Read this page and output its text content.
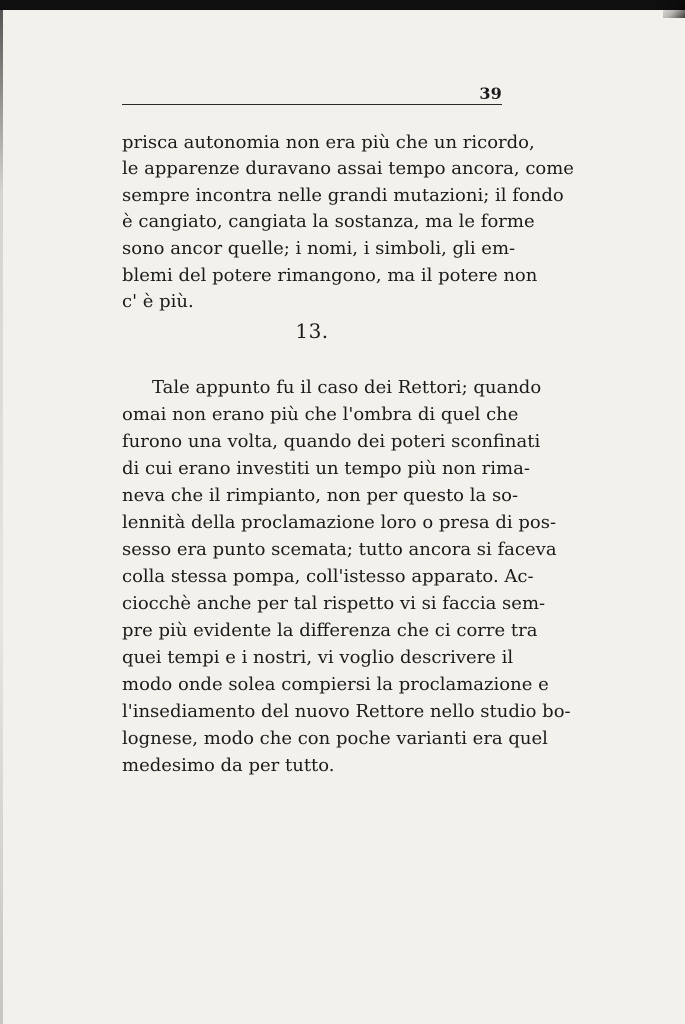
39
prisca autonomia non era più che un ricordo,
le apparenze duravano assai tempo ancora, come
sempre incontra nelle grandi mutazioni; il fondo
è cangiato, cangiata la sostanza, ma le forme
sono ancor quelle; i nomi, i simboli, gli em-
blemi del potere rimangono, ma il potere non
c' è più.
13.
Tale appunto fu il caso dei Rettori; quando
omai non erano più che l'ombra di quel che
furono una volta, quando dei poteri sconfinati
di cui erano investiti un tempo più non rima-
neva che il rimpianto, non per questo la so-
lennità della proclamazione loro o presa di pos-
sesso era punto scemata; tutto ancora si faceva
colla stessa pompa, coll'istesso apparato. Ac-
ciocchè anche per tal rispetto vi si faccia sem-
pre più evidente la differenza che ci corre tra
quei tempi e i nostri, vi voglio descrivere il
modo onde solea compiersi la proclamazione e
l'insediamento del nuovo Rettore nello studio bo-
lognese, modo che con poche varianti era quel
medesimo da per tutto.
